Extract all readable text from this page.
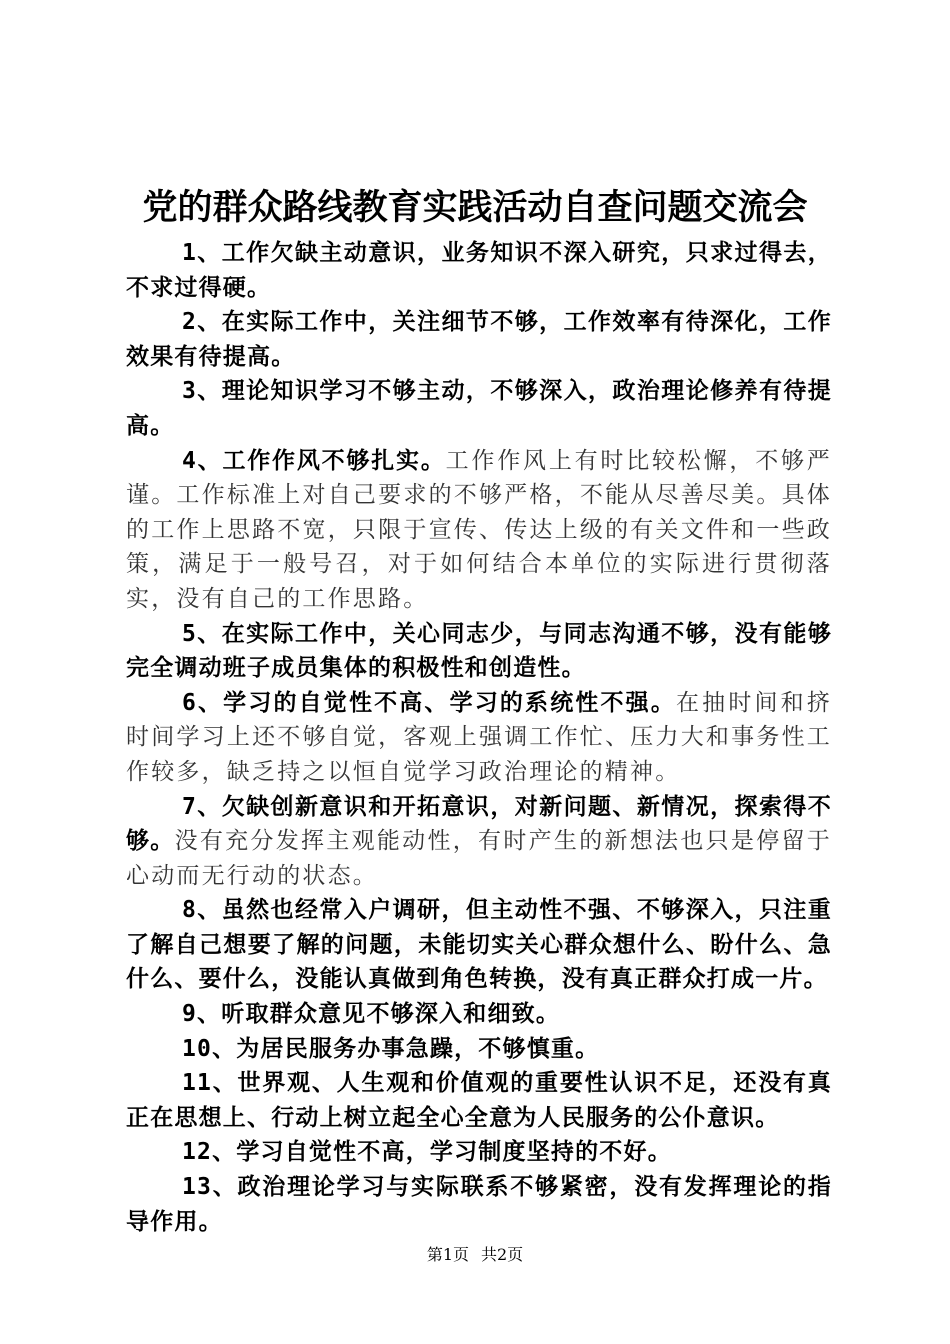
党的群众路线教育实践活动自查问题交流会

1、工作欠缺主动意识，业务知识不深入研究，只求过得去，不求过得硬。

2、在实际工作中，关注细节不够，工作效率有待深化，工作效果有待提高。

3、理论知识学习不够主动，不够深入，政治理论修养有待提高。

4、工作作风不够扎实。工作作风上有时比较松懈，不够严谨。工作标准上对自己要求的不够严格，不能从尽善尽美。具体的工作上思路不宽，只限于宣传、传达上级的有关文件和一些政策，满足于一般号召，对于如何结合本单位的实际进行贯彻落实，没有自己的工作思路。

5、在实际工作中，关心同志少，与同志沟通不够，没有能够完全调动班子成员集体的积极性和创造性。

6、学习的自觉性不高、学习的系统性不强。在抽时间和挤时间学习上还不够自觉，客观上强调工作忙、压力大和事务性工作较多，缺乏持之以恒自觉学习政治理论的精神。

7、欠缺创新意识和开拓意识，对新问题、新情况，探索得不够。没有充分发挥主观能动性，有时产生的新想法也只是停留于心动而无行动的状态。

8、虽然也经常入户调研，但主动性不强、不够深入，只注重了解自己想要了解的问题，未能切实关心群众想什么、盼什么、急什么、要什么，没能认真做到角色转换，没有真正群众打成一片。

9、听取群众意见不够深入和细致。

10、为居民服务办事急躁，不够慎重。

11、世界观、人生观和价值观的重要性认识不足，还没有真正在思想上、行动上树立起全心全意为人民服务的公仆意识。

12、学习自觉性不高，学习制度坚持的不好。

13、政治理论学习与实际联系不够紧密，没有发挥理论的指导作用。

第1页 共2页
